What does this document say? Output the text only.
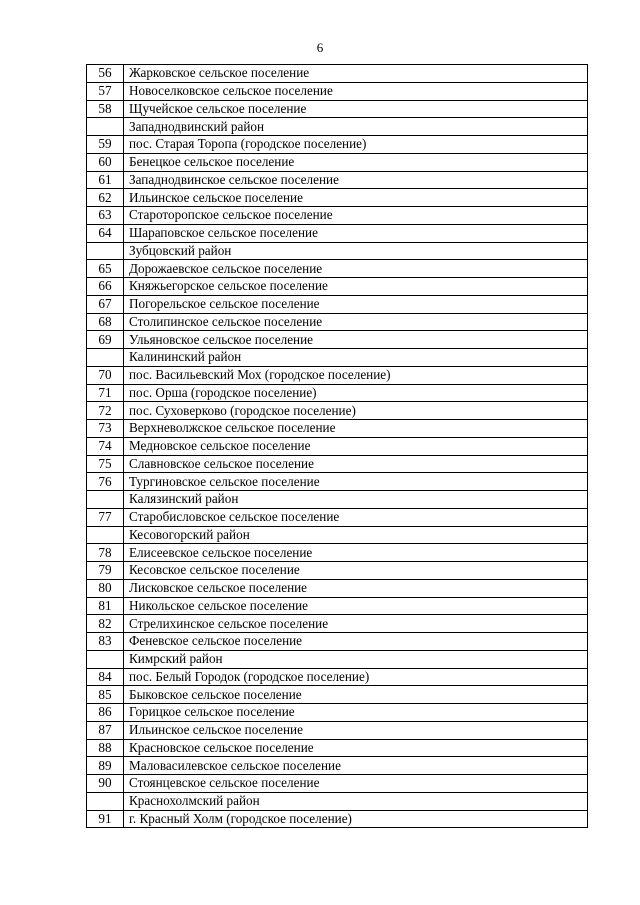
6
56	Жарковское сельское поселение
57	Новоселковское сельское поселение
58	Щучейское сельское поселение
	Западнодвинский район
59	пос. Старая Торопа (городское поселение)
60	Бенецкое сельское поселение
61	Западнодвинское сельское поселение
62	Ильинское сельское поселение
63	Староторопское сельское поселение
64	Шараповское сельское поселение
	Зубцовский район
65	Дорожаевское сельское поселение
66	Княжьегорское сельское поселение
67	Погорельское сельское поселение
68	Столипинское сельское поселение
69	Ульяновское сельское поселение
	Калининский район
70	пос. Васильевский Мох (городское поселение)
71	пос. Орша (городское поселение)
72	пос. Суховерково (городское поселение)
73	Верхневолжское сельское поселение
74	Медновское сельское поселение
75	Славновское сельское поселение
76	Тургиновское сельское поселение
	Калязинский район
77	Старобисловское сельское поселение
	Кесовогорский район
78	Елисеевское сельское поселение
79	Кесовское сельское поселение
80	Лисковское сельское поселение
81	Никольское сельское поселение
82	Стрелихинское сельское поселение
83	Феневское сельское поселение
	Кимрский район
84	пос. Белый Городок (городское поселение)
85	Быковское сельское поселение
86	Горицкое сельское поселение
87	Ильинское сельское поселение
88	Красновское сельское поселение
89	Маловасилевское сельское поселение
90	Стоянцевское сельское поселение
	Краснохолмский район
91	г. Красный Холм (городское поселение)
